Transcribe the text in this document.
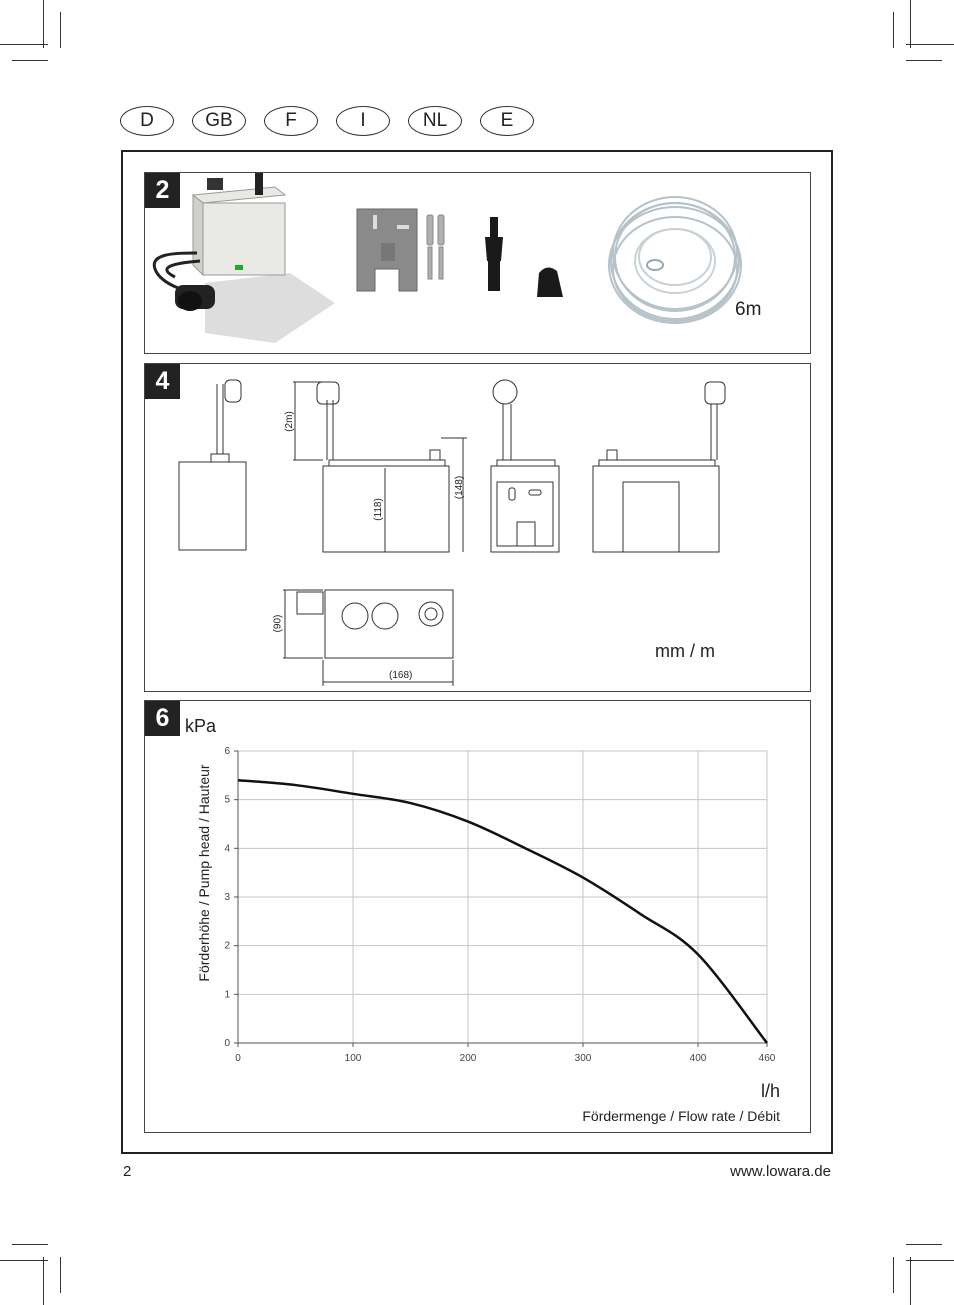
D	GB	F	I	NL	E
2
6m
4
(2m)
(118)
(148)
(90)
(168)
mm / m
6 kPa
Förderhöhe / Pump head / Hauteur
0	100	200	300	400	460
0
1
2
3
4
5
6
l/h
Fördermenge / Flow rate / Débit
2	www.lowara.de
